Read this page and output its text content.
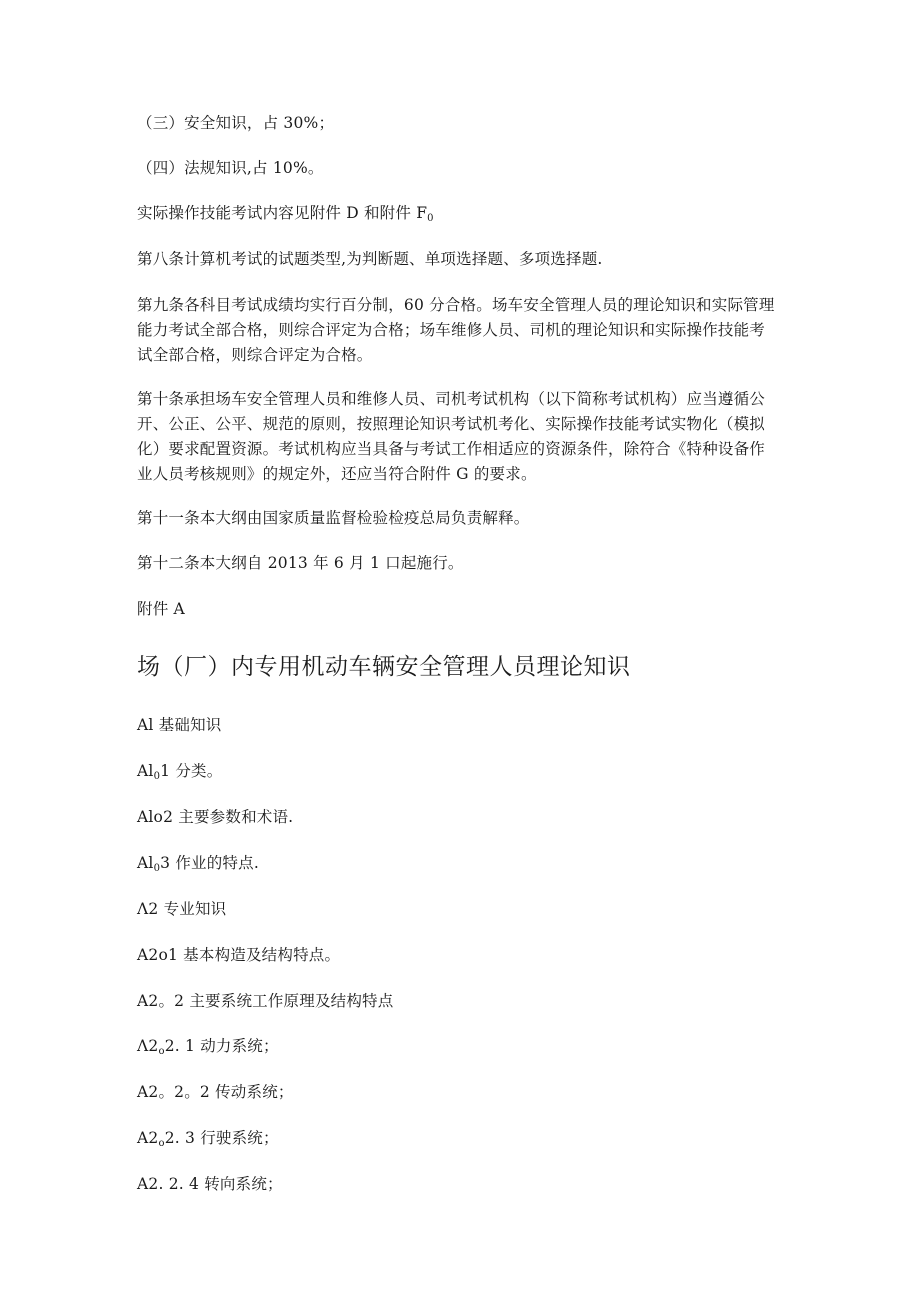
（三）安全知识，占 30%；
（四）法规知识,占 10%。
实际操作技能考试内容见附件 D 和附件 $F_0$
第八条计算机考试的试题类型,为判断题、单项选择题、多项选择题.
第九条各科目考试成绩均实行百分制，60 分合格。场车安全管理人员的理论知识和实际管理能力考试全部合格，则综合评定为合格；场车维修人员、司机的理论知识和实际操作技能考试全部合格，则综合评定为合格。
第十条承担场车安全管理人员和维修人员、司机考试机构（以下简称考试机构）应当遵循公开、公正、公平、规范的原则，按照理论知识考试机考化、实际操作技能考试实物化（模拟化）要求配置资源。考试机构应当具备与考试工作相适应的资源条件，除符合《特种设备作业人员考核规则》的规定外，还应当符合附件 G 的要求。
第十一条本大纲由国家质量监督检验检疫总局负责解释。
第十二条本大纲自 2013 年 6 月 1 口起施行。
附件 A
场（厂）内专用机动车辆安全管理人员理论知识
Al 基础知识
$Al_01$ 分类。
Alo2 主要参数和术语.
$Al_03$ 作业的特点.
Λ2 专业知识
A2o1 基本构造及结构特点。
A2。2 主要系统工作原理及结构特点
$\Lambda 2_o2$. 1 动力系统；
A2。2。2 传动系统；
$A2_o2$. 3 行驶系统；
A2. 2. 4 转向系统；
